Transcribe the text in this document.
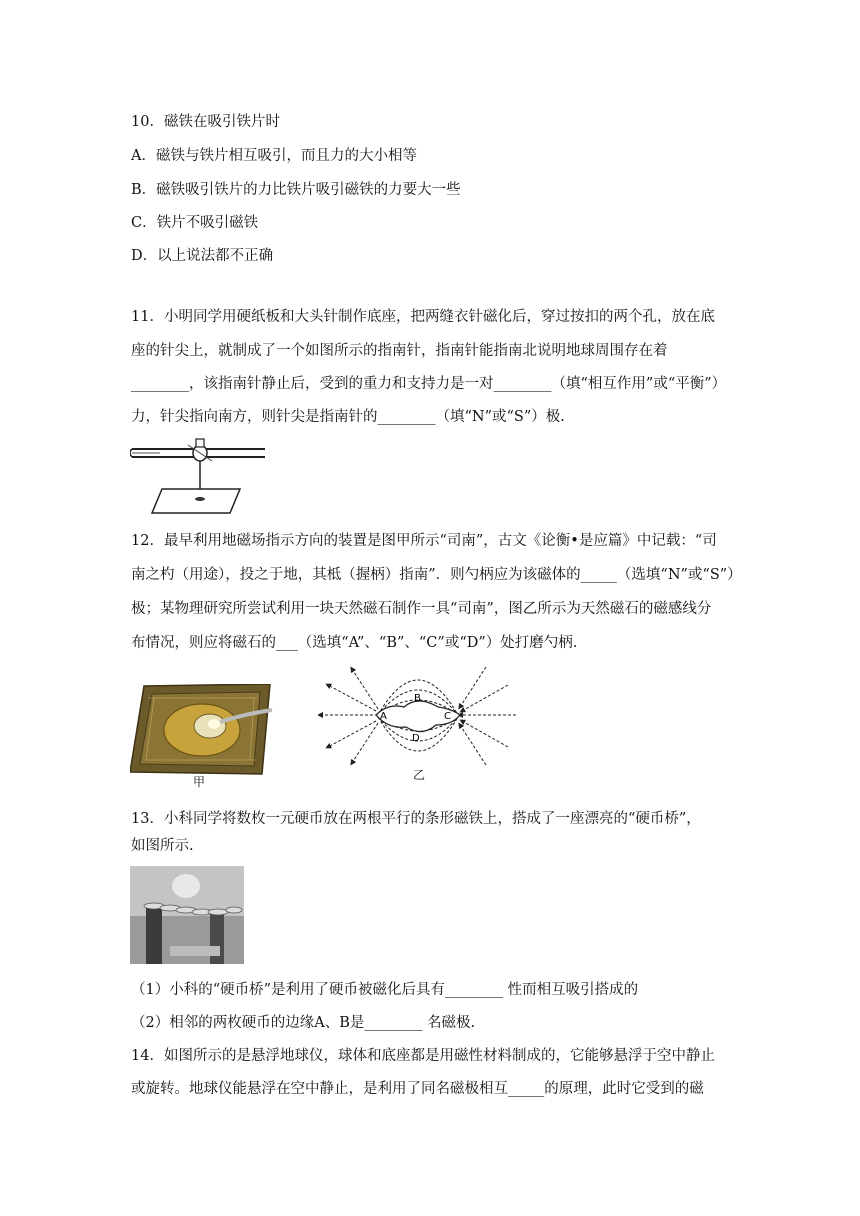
10．磁铁在吸引铁片时
A．磁铁与铁片相互吸引，而且力的大小相等
B．磁铁吸引铁片的力比铁片吸引磁铁的力要大一些
C．铁片不吸引磁铁
D．以上说法都不正确
11．小明同学用硬纸板和大头针制作底座，把两缝衣针磁化后，穿过按扣的两个孔，放在底
座的针尖上，就制成了一个如图所示的指南针，指南针能指南北说明地球周围存在着
________，该指南针静止后，受到的重力和支持力是一对________（填“相互作用”或“平衡”）
力，针尖指向南方，则针尖是指南针的________（填“N”或“S”）极.
12．最早利用地磁场指示方向的装置是图甲所示“司南”，古文《论衡•是应篇》中记载：“司
南之杓（用途），投之于地，其柢（握柄）指南”．则勺柄应为该磁体的_____（选填“N”或“S”）
极；某物理研究所尝试利用一块天然磁石制作一具“司南”，图乙所示为天然磁石的磁感线分
布情况，则应将磁石的___（选填“A”、“B”、“C”或“D”）处打磨勺柄.
甲
A
B
C
D
乙
13．小科同学将数枚一元硬币放在两根平行的条形磁铁上，搭成了一座漂亮的“硬币桥”，
如图所示.
（1）小科的“硬币桥”是利用了硬币被磁化后具有________ 性而相互吸引搭成的
（2）相邻的两枚硬币的边缘A、B是________ 名磁极.
14．如图所示的是悬浮地球仪，球体和底座都是用磁性材料制成的，它能够悬浮于空中静止
或旋转。地球仪能悬浮在空中静止，是利用了同名磁极相互_____的原理，此时它受到的磁
